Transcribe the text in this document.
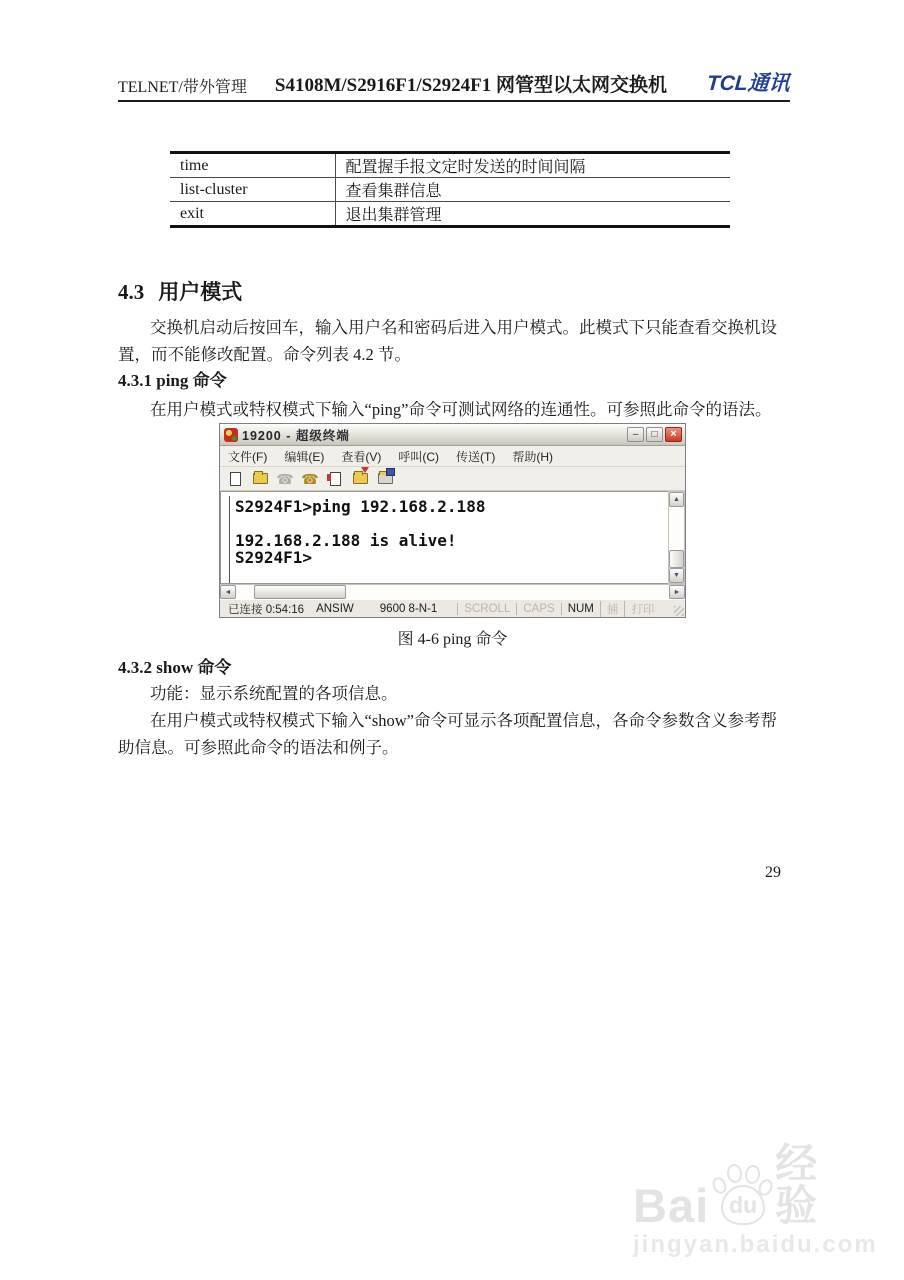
TELNET/带外管理 S4108M/S2916F1/S2924F1 网管型以太网交换机 TCL通讯
time	配置握手报文定时发送的时间间隔
list-cluster	查看集群信息
exit	退出集群管理
4.3 用户模式
交换机启动后按回车，输入用户名和密码后进入用户模式。此模式下只能查看交换机设
置，而不能修改配置。命令列表 4.2 节。
4.3.1 ping 命令
在用户模式或特权模式下输入“ping”命令可测试网络的连通性。可参照此命令的语法。
19200 - 超级终端	–	□	×
文件(F) 编辑(E) 查看(V) 呼叫(C) 传送(T) 帮助(H)
☎ ☎
S2924F1>ping 192.168.2.188
192.168.2.188 is alive!
S2924F1>
▲
▼
◄	►
已连接 0:54:16	ANSIW	9600 8-N-1	SCROLL	CAPS	NUM	捕	打印
图 4-6 ping 命令
4.3.2 show 命令
功能：显示系统配置的各项信息。
在用户模式或特权模式下输入“show”命令可显示各项配置信息，各命令参数含义参考帮
助信息。可参照此命令的语法和例子。
29
Bai du
经验
jingyan.baidu.com
